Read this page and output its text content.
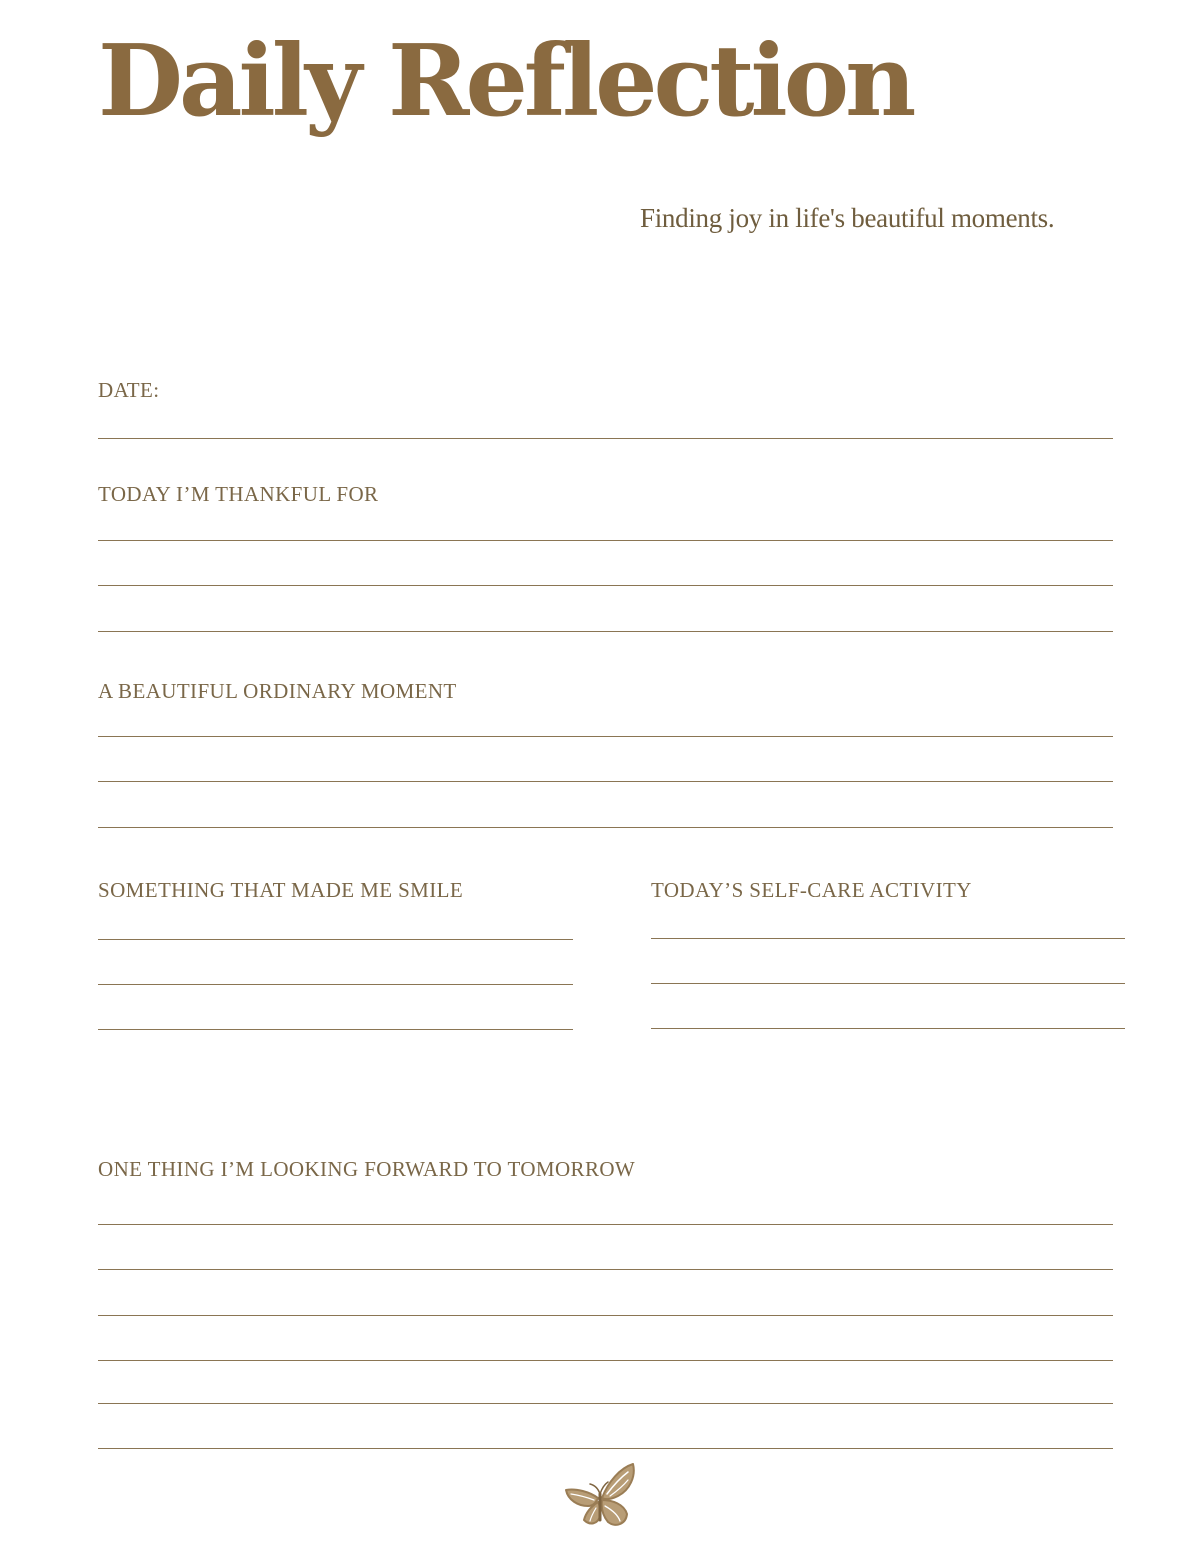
Daily Reflection
Finding joy in life's beautiful moments.
DATE:
TODAY I’M THANKFUL FOR
A BEAUTIFUL ORDINARY MOMENT
SOMETHING THAT MADE ME SMILE	TODAY’S SELF-CARE ACTIVITY
ONE THING I’M LOOKING FORWARD TO TOMORROW
